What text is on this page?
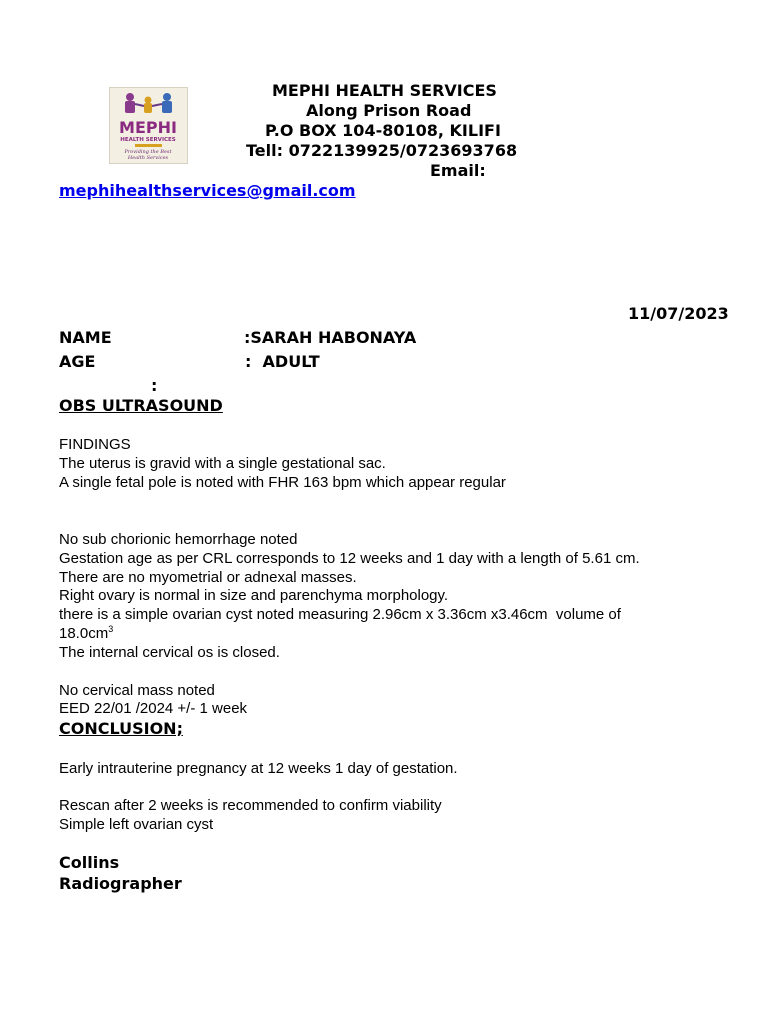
MEPHI
HEALTH SERVICES
Providing the Best
Health Services
MEPHI HEALTH SERVICES
Along Prison Road
P.O BOX 104-80108, KILIFI
Tell: 0722139925/0723693768
Email:
mephihealthservices@gmail.com
11/07/2023
NAME	:SARAH HABONAYA
AGE	:  ADULT
:
OBS ULTRASOUND
FINDINGS
The uterus is gravid with a single gestational sac.
A single fetal pole is noted with FHR 163 bpm which appear regular
No sub chorionic hemorrhage noted
Gestation age as per CRL corresponds to 12 weeks and 1 day with a length of 5.61 cm.
There are no myometrial or adnexal masses.
Right ovary is normal in size and parenchyma morphology.
there is a simple ovarian cyst noted measuring 2.96cm x 3.36cm x3.46cm  volume of
$18.0cm^3$
The internal cervical os is closed.
No cervical mass noted
EED 22/01 /2024 +/- 1 week
CONCLUSION;
Early intrauterine pregnancy at 12 weeks 1 day of gestation.
Rescan after 2 weeks is recommended to confirm viability
Simple left ovarian cyst
Collins
Radiographer
